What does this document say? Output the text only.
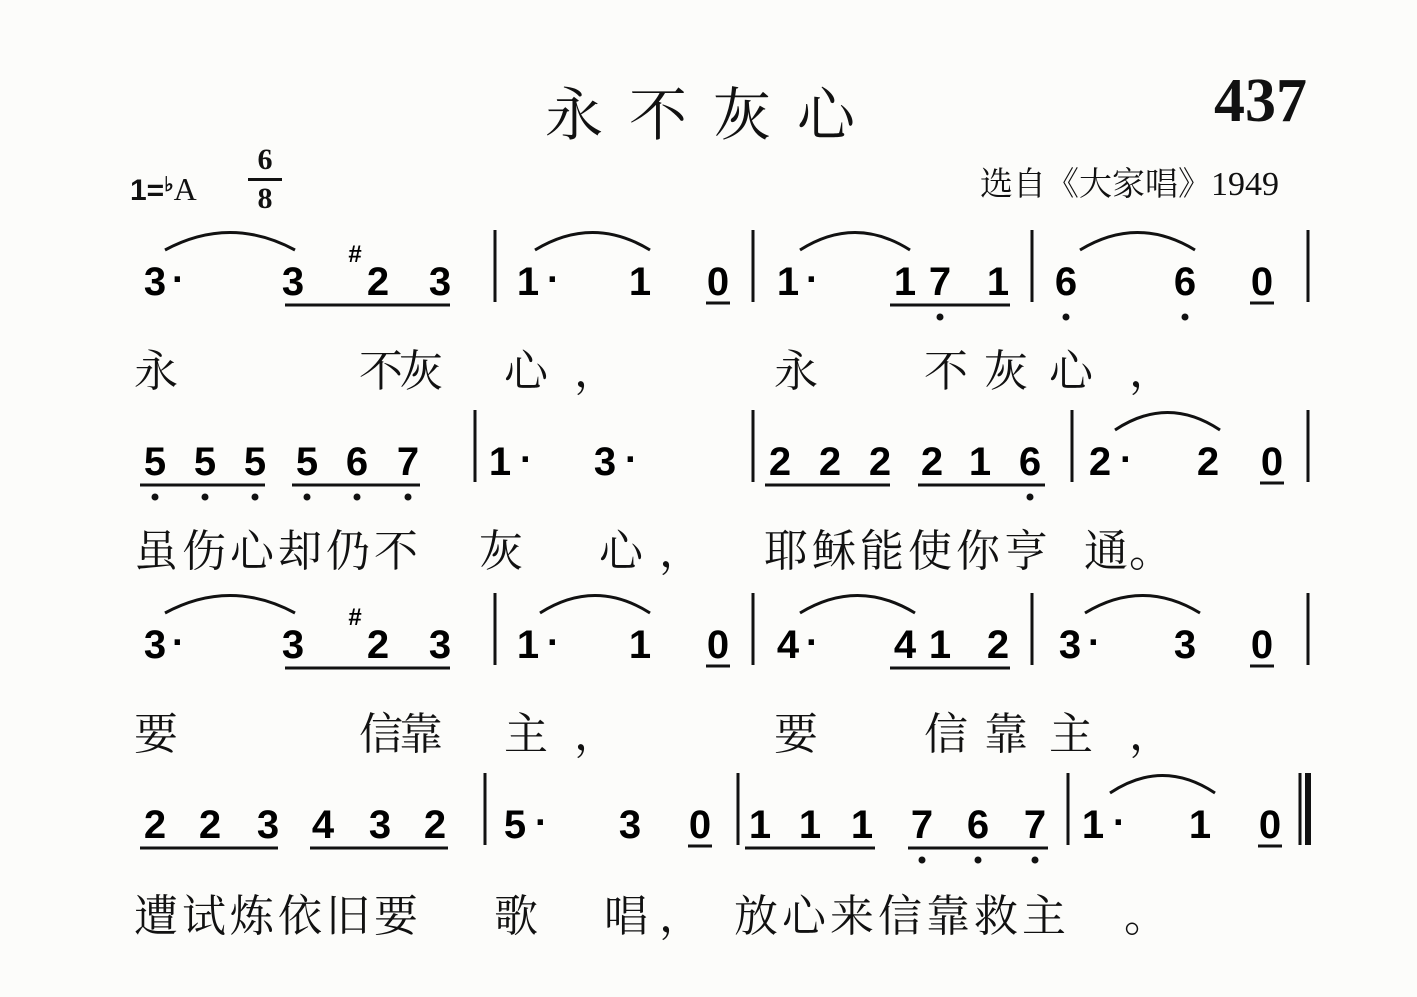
永不灰心	437
1=♭A
6
8	选自《大家唱》1949
3 · 3
#
2 3 1 · 1 0 1 · 1 7 1 6 6 0
永	不
灰 心 ，	永 不 灰 心 ，
5 5 5 5 6 7 1 · 3 ·	2 2 2 2 1 6 2 · 2 0
虽 伤 心 却 仍 不 灰 心 ， 耶 稣 能 使 你 亨 通 。
3 · 3
#
2 3 1 · 1 0 4 · 4 1 2 3 · 3 0
要	信
靠 主 ，	要 信 靠 主 ，
2 2 3 4 3 2 5 · 3 0 1 1 1 7 6 7 1 · 1 0
遭 试 炼 依 旧 要 歌 唱 ， 放 心 来 信 靠 救 主 。
